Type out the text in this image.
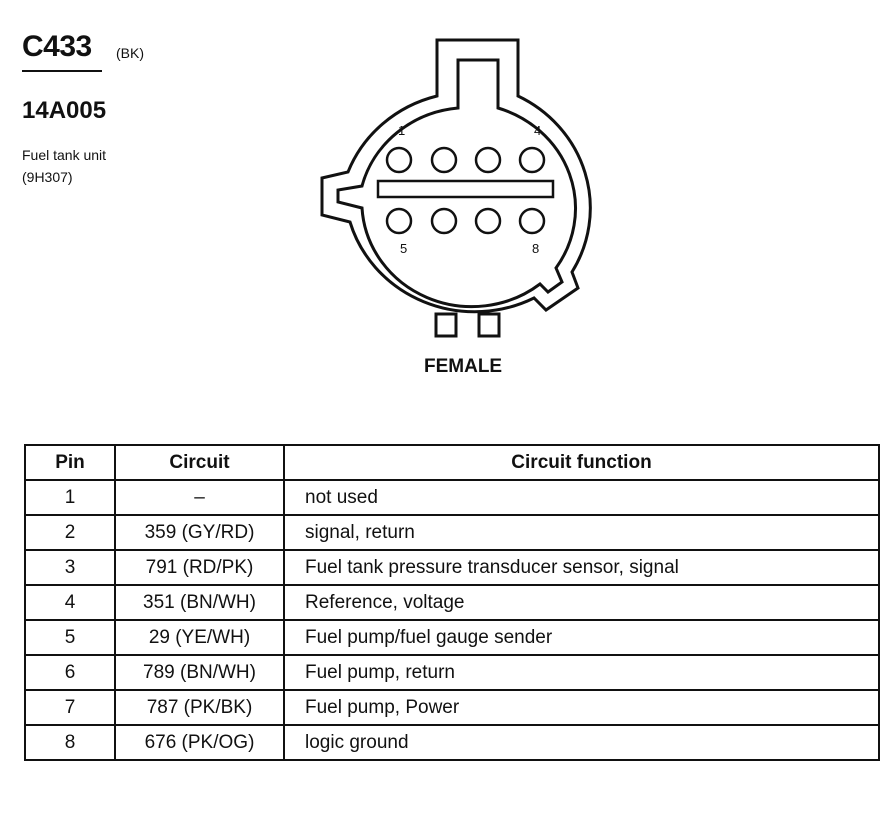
C433 (BK)
14A005
Fuel tank unit
(9H307)
1	4
5	8
FEMALE
Pin	Circuit	Circuit function
1	–	not used
2	359 (GY/RD)	signal, return
3	791 (RD/PK)	Fuel tank pressure transducer sensor, signal
4	351 (BN/WH)	Reference, voltage
5	29 (YE/WH)	Fuel pump/fuel gauge sender
6	789 (BN/WH)	Fuel pump, return
7	787 (PK/BK)	Fuel pump, Power
8	676 (PK/OG)	logic ground
